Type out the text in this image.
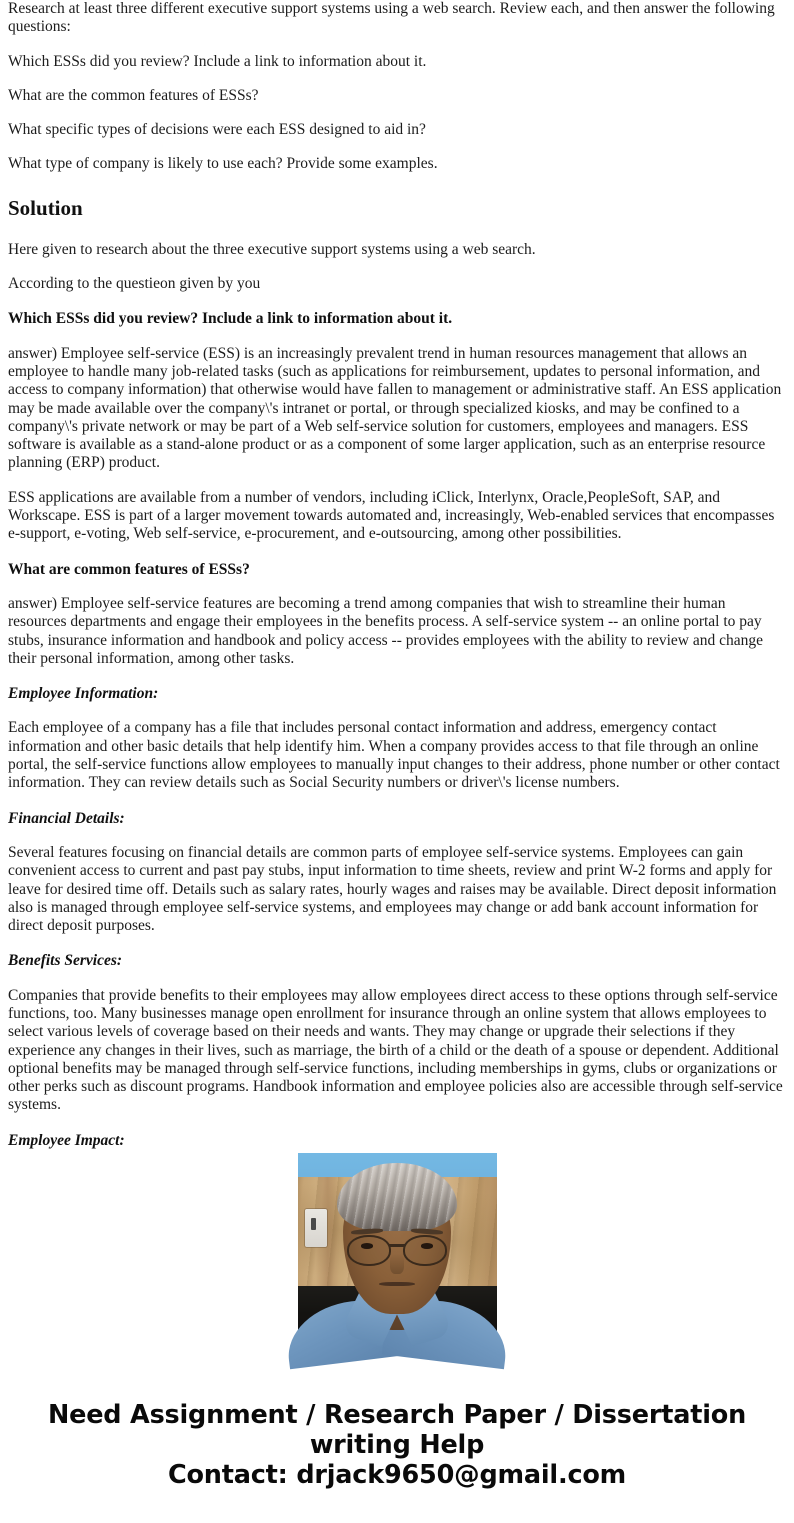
Research at least three different executive support systems using a web search. Review each, and then answer the following questions:

Which ESSs did you review? Include a link to information about it.

What are the common features of ESSs?

What specific types of decisions were each ESS designed to aid in?

What type of company is likely to use each? Provide some examples.

Solution

Here given to research about the three executive support systems using a web search.

According to the questieon given by you

Which ESSs did you review? Include a link to information about it.

answer) Employee self-service (ESS) is an increasingly prevalent trend in human resources management that allows an employee to handle many job-related tasks (such as applications for reimbursement, updates to personal information, and access to company information) that otherwise would have fallen to management or administrative staff. An ESS application may be made available over the company\'s intranet or portal, or through specialized kiosks, and may be confined to a company\'s private network or may be part of a Web self-service solution for customers, employees and managers. ESS software is available as a stand-alone product or as a component of some larger application, such as an enterprise resource planning (ERP) product.

ESS applications are available from a number of vendors, including iClick, Interlynx, Oracle,PeopleSoft, SAP, and Workscape. ESS is part of a larger movement towards automated and, increasingly, Web-enabled services that encompasses e-support, e-voting, Web self-service, e-procurement, and e-outsourcing, among other possibilities.

What are common features of ESSs?

answer) Employee self-service features are becoming a trend among companies that wish to streamline their human resources departments and engage their employees in the benefits process. A self-service system -- an online portal to pay stubs, insurance information and handbook and policy access -- provides employees with the ability to review and change their personal information, among other tasks.

Employee Information:

Each employee of a company has a file that includes personal contact information and address, emergency contact information and other basic details that help identify him. When a company provides access to that file through an online portal, the self-service functions allow employees to manually input changes to their address, phone number or other contact information. They can review details such as Social Security numbers or driver\'s license numbers.

Financial Details:

Several features focusing on financial details are common parts of employee self-service systems. Employees can gain convenient access to current and past pay stubs, input information to time sheets, review and print W-2 forms and apply for leave for desired time off. Details such as salary rates, hourly wages and raises may be available. Direct deposit information also is managed through employee self-service systems, and employees may change or add bank account information for direct deposit purposes.

Benefits Services:

Companies that provide benefits to their employees may allow employees direct access to these options through self-service functions, too. Many businesses manage open enrollment for insurance through an online system that allows employees to select various levels of coverage based on their needs and wants. They may change or upgrade their selections if they experience any changes in their lives, such as marriage, the birth of a child or the death of a spouse or dependent. Additional optional benefits may be managed through self-service functions, including memberships in gyms, clubs or organizations or other perks such as discount programs. Handbook information and employee policies also are accessible through self-service systems.

Employee Impact:

Need Assignment / Research Paper / Dissertation writing Help
Contact: drjack9650@gmail.com
